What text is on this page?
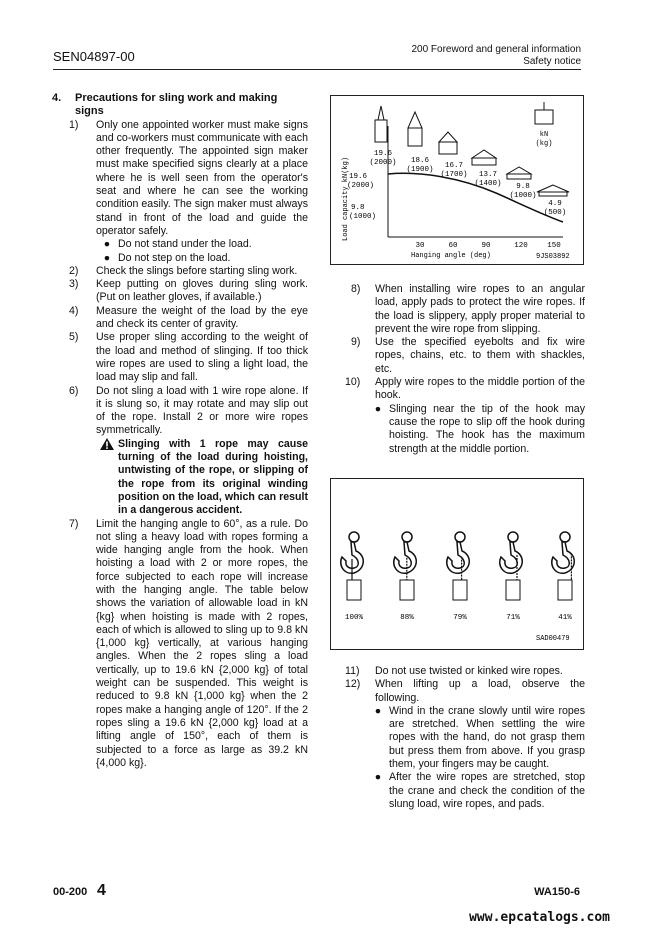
SEN04897-00	200 Foreword and general information
Safety notice
4.	Precautions for sling work and making signs
1)	Only one appointed worker must make signs and co-workers must communicate with each other frequently. The appointed sign maker must make specified signs clearly at a place where he is well seen from the operator's seat and where he can see the working condition easily. The sign maker must always stand in front of the load and guide the operator safely.
● Do not stand under the load.
● Do not step on the load.
2)	Check the slings before starting sling work.
3)	Keep putting on gloves during sling work. (Put on leather gloves, if available.)
4)	Measure the weight of the load by the eye and check its center of gravity.
5)	Use proper sling according to the weight of the load and method of slinging. If too thick wire ropes are used to sling a light load, the load may slip and fall.
6)	Do not sling a load with 1 wire rope alone. If it is slung so, it may rotate and may slip out of the rope. Install 2 or more wire ropes symmetrically.
Slinging with 1 rope may cause turning of the load during hoisting, untwisting of the rope, or slipping of the rope from its original winding position on the load, which can result in a dangerous accident.
7)	Limit the hanging angle to 60°, as a rule. Do not sling a heavy load with ropes forming a wide hanging angle from the hook. When hoisting a load with 2 or more ropes, the force subjected to each rope will increase with the hanging angle. The table below shows the variation of allowable load in kN {kg} when hoisting is made with 2 ropes, each of which is allowed to sling up to 9.8 kN {1,000 kg} vertically, at various hanging angles. When the 2 ropes sling a load vertically, up to 19.6 kN {2,000 kg} of total weight can be suspended. This weight is reduced to 9.8 kN {1,000 kg} when the 2 ropes make a hanging angle of 120°. If the 2 ropes sling a 19.6 kN {2,000 kg} load at a lifting angle of 150°, each of them is subjected to a force as large as 39.2 kN {4,000 kg}.
kN
(kg)
Load capacity kN(kg) 19.6
(2000)
9.8
(1000)
19.6
(2000) 18.6
(1900) 16.7
(1700) 13.7
(1400) 9.8
(1000)
4.9
(500)
30	60	90	120	150
Hanging angle (deg)	9JS03892
8)	When installing wire ropes to an angular load, apply pads to protect the wire ropes. If the load is slippery, apply proper material to prevent the wire rope from slipping.
9)	Use the specified eyebolts and fix wire ropes, chains, etc. to them with shackles, etc.
10)	Apply wire ropes to the middle portion of the hook.
● Slinging near the tip of the hook may cause the rope to slip off the hook during hoisting. The hook has the maximum strength at the middle portion.
100%	88%	79%	71%	41%
SAD00479
11)	Do not use twisted or kinked wire ropes.
12)	When lifting up a load, observe the following.
● Wind in the crane slowly until wire ropes are stretched. When settling the wire ropes with the hand, do not grasp them but press them from above. If you grasp them, your fingers may be caught.
● After the wire ropes are stretched, stop the crane and check the condition of the slung load, wire ropes, and pads.
00-200 4	WA150-6
www.epcatalogs.com
